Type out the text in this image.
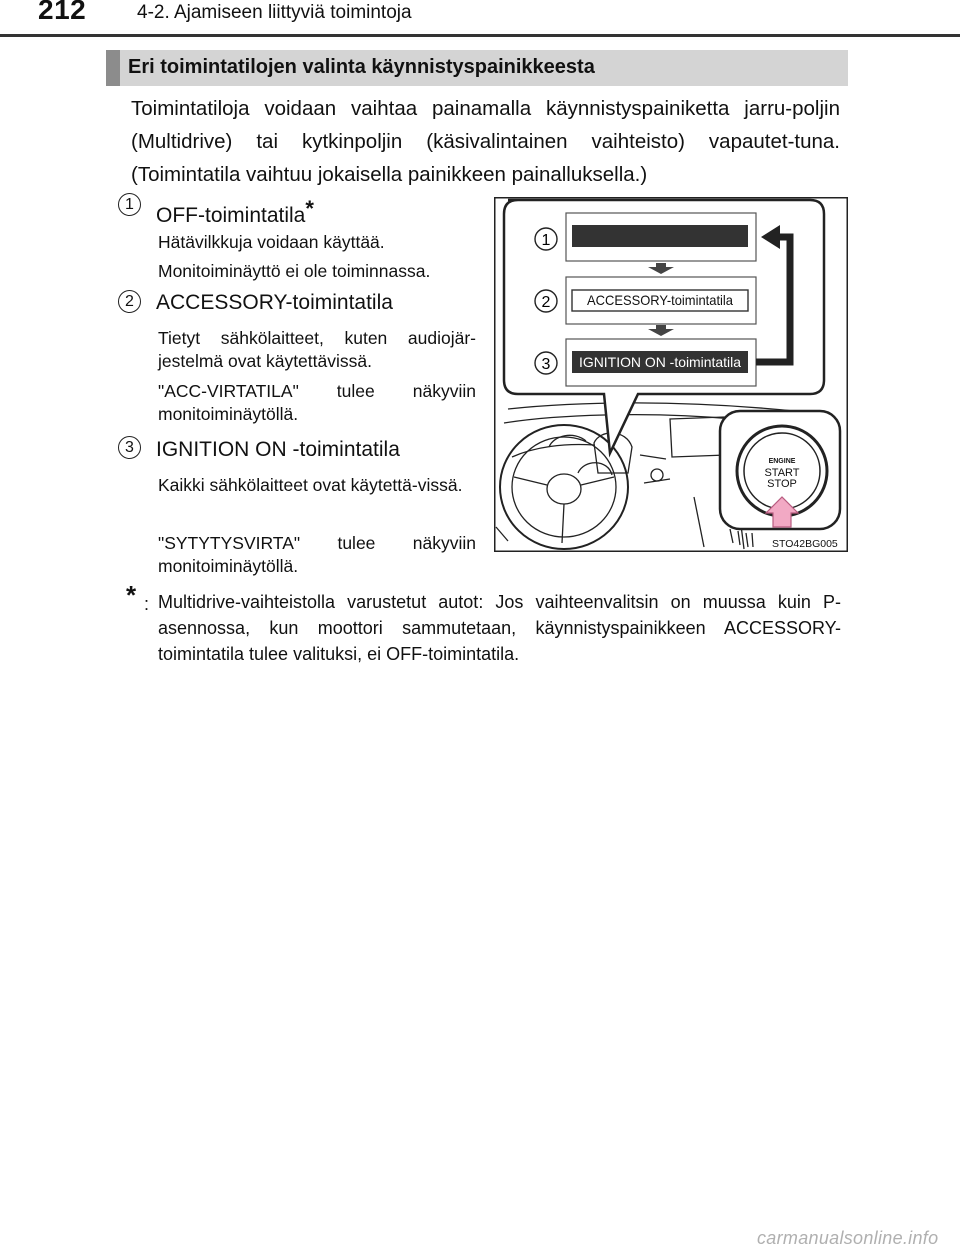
212	4-2. Ajamiseen liittyviä toimintoja
Eri toimintatilojen valinta käynnistyspainikkeesta
Toimintatiloja voidaan vaihtaa painamalla käynnistyspainiketta jarru-poljin (Multidrive) tai kytkinpoljin (käsivalintainen vaihteisto) vapautet-tuna. (Toimintatila vaihtuu jokaisella painikkeen painalluksella.)
1	OFF-toimintatila*
Hätävilkkuja voidaan käyttää.
Monitoiminäyttö ei ole toiminnassa.
2	ACCESSORY-toimintatila
Tietyt sähkölaitteet, kuten audiojär-jestelmä ovat käytettävissä.
"ACC-VIRTATILA" tulee näkyviin monitoiminäytöllä.
3	IGNITION ON -toimintatila
Kaikki sähkölaitteet ovat käytettä-vissä.
"SYTYTYSVIRTA" tulee näkyviin monitoiminäytöllä.
* : Multidrive-vaihteistolla varustetut autot: Jos vaihteenvalitsin on muussa kuin P-asennossa, kun moottori sammutetaan, käynnistyspainikkeen ACCESSORY-toimintatila tulee valituksi, ei OFF-toimintatila.
ACCESSORY-toimintatila
IGNITION ON -toimintatila
1
2
3
ENGINE
START
STOP
STO42BG005
carmanualsonline.info
